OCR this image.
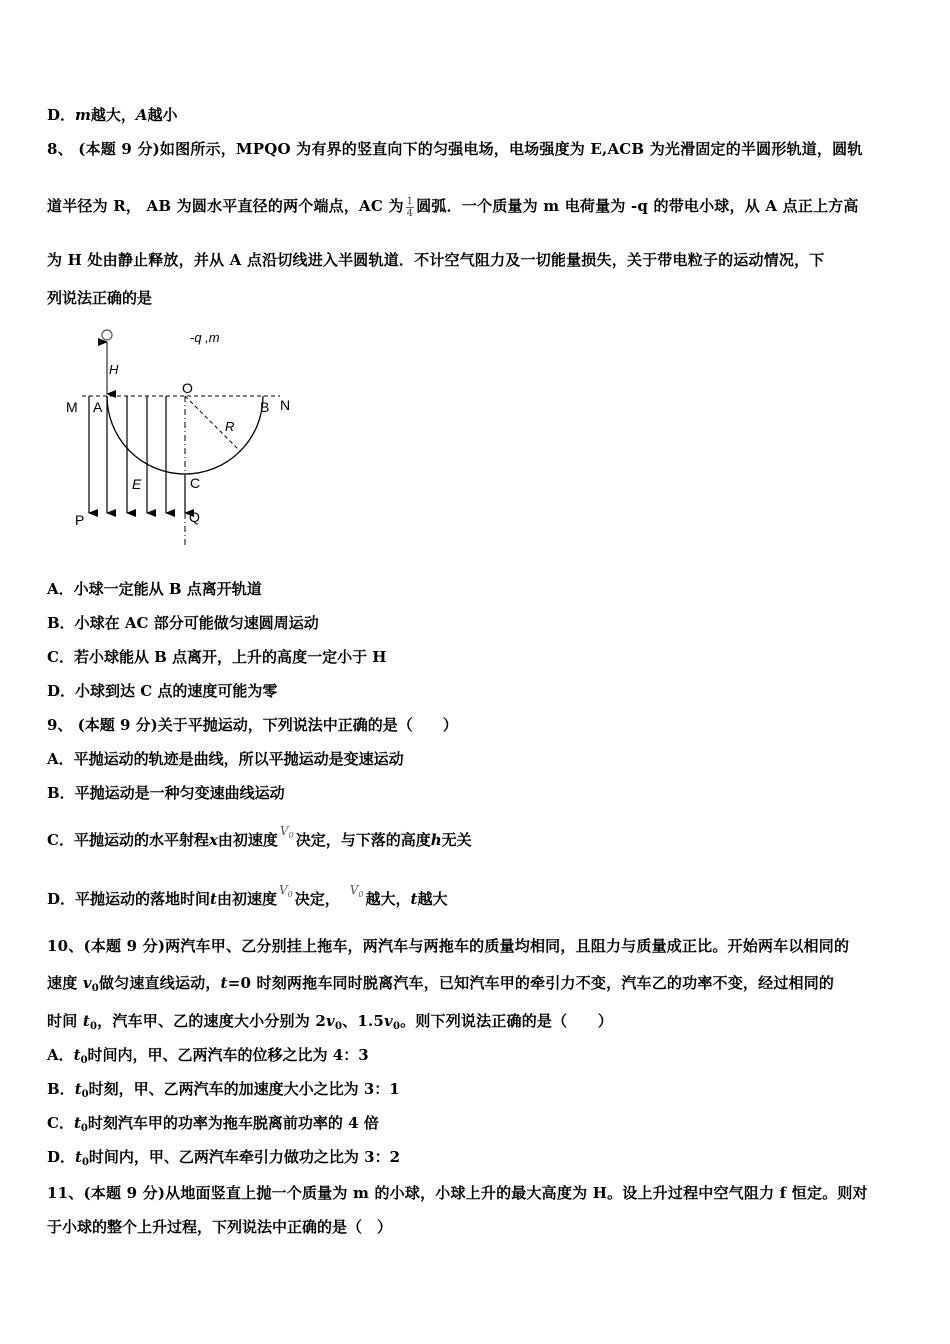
D．m越大，A越小
8、 (本题 9 分)如图所示，MPQO 为有界的竖直向下的匀强电场，电场强度为 E,ACB 为光滑固定的半圆形轨道，圆轨
道半径为 R， AB 为圆水平直径的两个端点，AC 为 $\frac{1}{4}$ 圆弧．一个质量为 m 电荷量为 -q 的带电小球，从 A 点正上方高
为 H 处由静止释放，并从 A 点沿切线进入半圆轨道．不计空气阻力及一切能量损失，关于带电粒子的运动情况，下
列说法正确的是
-q ,m
H
R
O
M A	B N
E	C
P	Q
A．小球一定能从 B 点离开轨道
B．小球在 AC 部分可能做匀速圆周运动
C．若小球能从 B 点离开，上升的高度一定小于 H
D．小球到达 C 点的速度可能为零
9、 (本题 9 分)关于平抛运动，下列说法中正确的是（　　）
A．平抛运动的轨迹是曲线，所以平抛运动是变速运动
B．平抛运动是一种匀变速曲线运动
C．平抛运动的水平射程x由初速度 $V_0$ 决定，与下落的高度h无关
D．平抛运动的落地时间t由初速度 $V_0$ 决定， $V_0$ 越大，t越大
10、(本题 9 分)两汽车甲、乙分别挂上拖车，两汽车与两拖车的质量均相同，且阻力与质量成正比。开始两车以相同的
速度 $v_0$做匀速直线运动，t=0 时刻两拖车同时脱离汽车，已知汽车甲的牵引力不变，汽车乙的功率不变，经过相同的
时间 $t_0$，汽车甲、乙的速度大小分别为 $2v_0$、$1.5v_0$。则下列说法正确的是（　　）
A．$t_0$时间内，甲、乙两汽车的位移之比为 4：3
B．$t_0$时刻，甲、乙两汽车的加速度大小之比为 3：1
C．$t_0$时刻汽车甲的功率为拖车脱离前功率的 4 倍
D．$t_0$时间内，甲、乙两汽车牵引力做功之比为 3：2
11、(本题 9 分)从地面竖直上抛一个质量为 m 的小球，小球上升的最大高度为 H。设上升过程中空气阻力 f 恒定。则对
于小球的整个上升过程，下列说法中正确的是（　）
